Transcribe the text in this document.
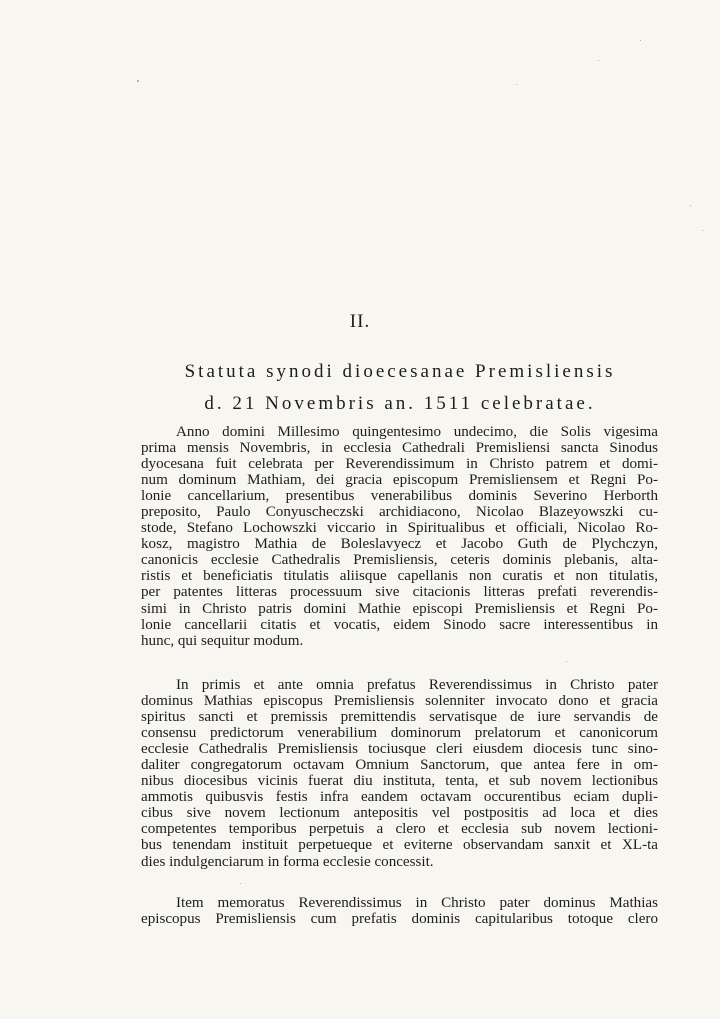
II.
Statuta synodi dioecesanae Premisliensis
d. 21 Novembris an. 1511 celebratae.
Anno domini Millesimo quingentesimo undecimo, die Solis vigesima
prima mensis Novembris, in ecclesia Cathedrali Premisliensi sancta Sinodus
dyocesana fuit celebrata per Reverendissimum in Christo patrem et domi-
num dominum Mathiam, dei gracia episcopum Premisliensem et Regni Po-
lonie cancellarium, presentibus venerabilibus dominis Severino Herborth
preposito, Paulo Conyuscheczski archidiacono, Nicolao Blazeyowszki cu-
stode, Stefano Lochowszki viccario in Spiritualibus et officiali, Nicolao Ro-
kosz, magistro Mathia de Boleslavyecz et Jacobo Guth de Plychczyn,
canonicis ecclesie Cathedralis Premisliensis, ceteris dominis plebanis, alta-
ristis et beneficiatis titulatis aliisque capellanis non curatis et non titulatis,
per patentes litteras processuum sive citacionis litteras prefati reverendis-
simi in Christo patris domini Mathie episcopi Premisliensis et Regni Po-
lonie cancellarii citatis et vocatis, eidem Sinodo sacre interessentibus in
hunc, qui sequitur modum.
In primis et ante omnia prefatus Reverendissimus in Christo pater
dominus Mathias episcopus Premisliensis solenniter invocato dono et gracia
spiritus sancti et premissis premittendis servatisque de iure servandis de
consensu predictorum venerabilium dominorum prelatorum et canonicorum
ecclesie Cathedralis Premisliensis tociusque cleri eiusdem diocesis tunc sino-
daliter congregatorum octavam Omnium Sanctorum, que antea fere in om-
nibus diocesibus vicinis fuerat diu instituta, tenta, et sub novem lectionibus
ammotis quibusvis festis infra eandem octavam occurentibus eciam dupli-
cibus sive novem lectionum antepositis vel postpositis ad loca et dies
competentes temporibus perpetuis a clero et ecclesia sub novem lectioni-
bus tenendam instituit perpetueque et eviterne observandam sanxit et XL-ta
dies indulgenciarum in forma ecclesie concessit.
Item memoratus Reverendissimus in Christo pater dominus Mathias
episcopus Premisliensis cum prefatis dominis capitularibus totoque clero
